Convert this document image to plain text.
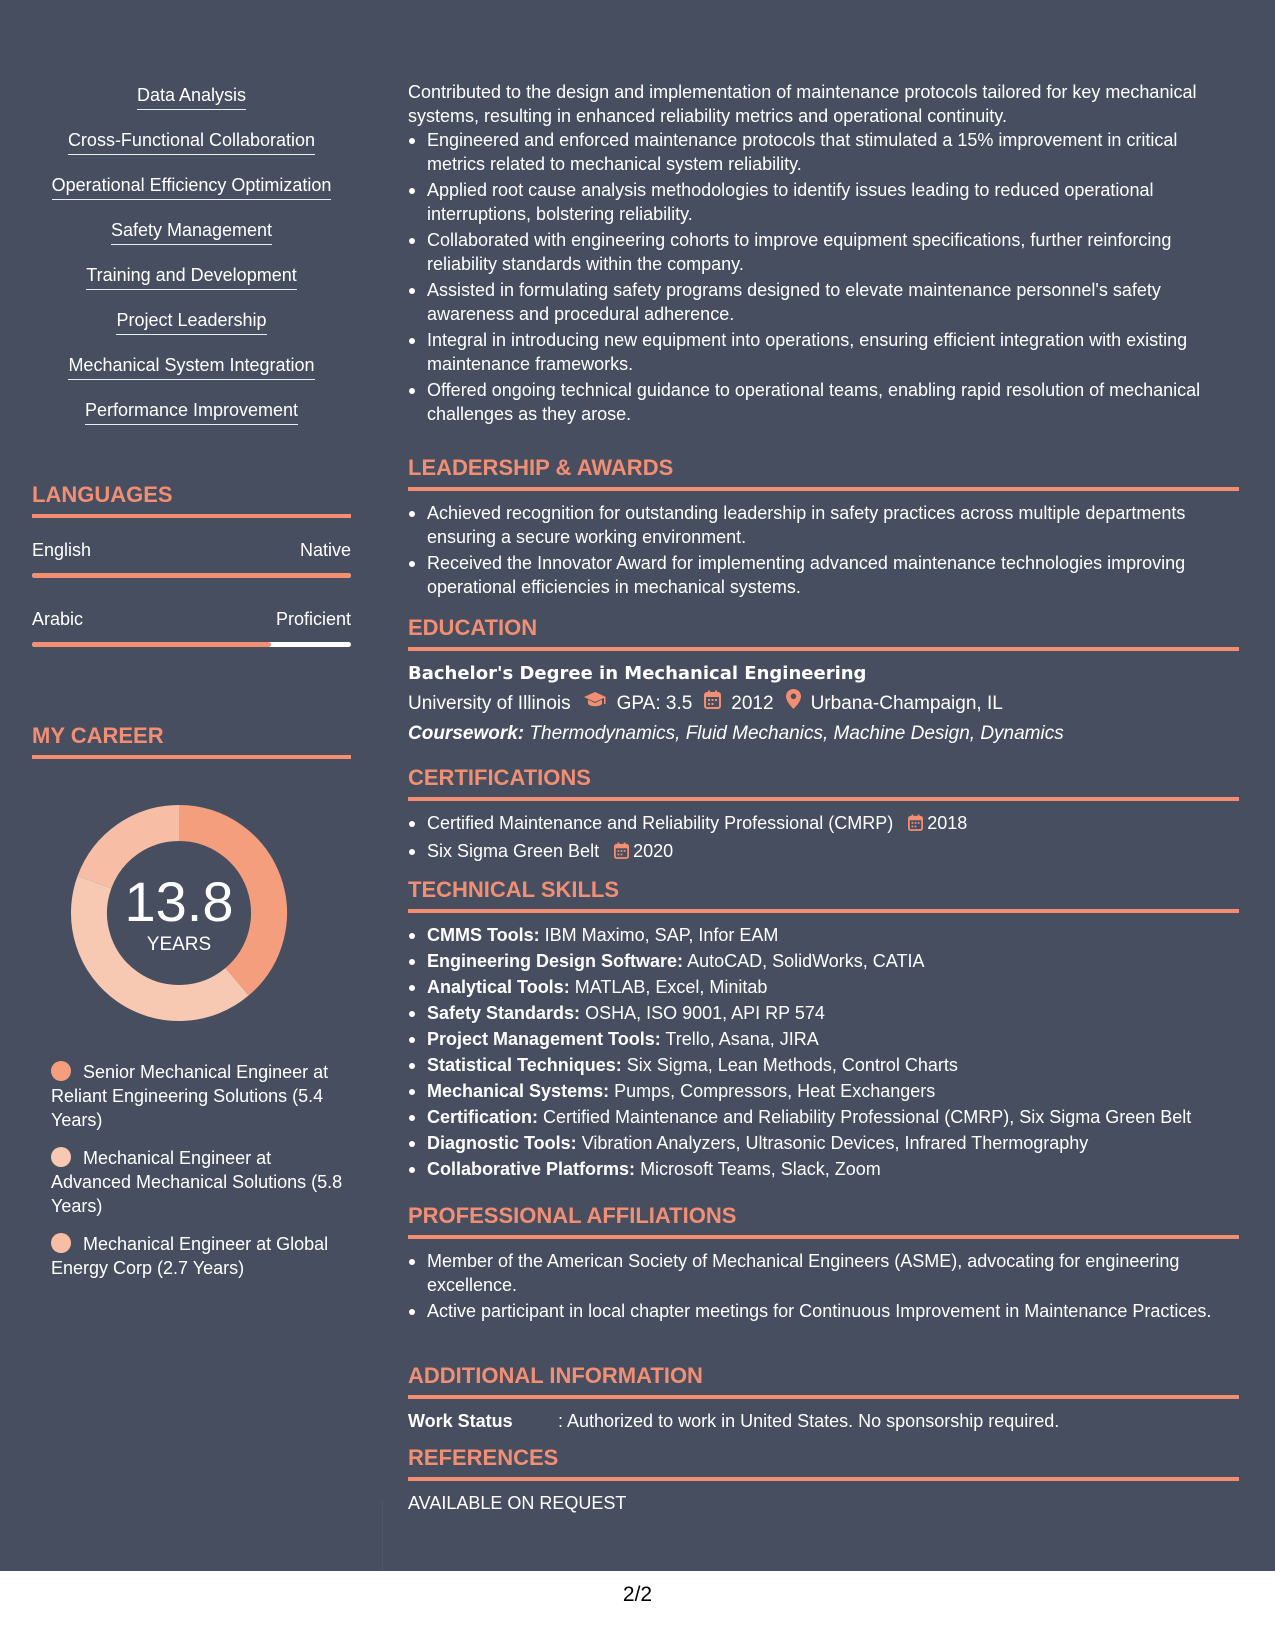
Data Analysis
Cross-Functional Collaboration
Operational Efficiency Optimization
Safety Management
Training and Development
Project Leadership
Mechanical System Integration
Performance Improvement
LANGUAGES
English	Native
Arabic	Proficient
MY CAREER
13.8
YEARS
Senior Mechanical Engineer at Reliant Engineering Solutions (5.4 Years)
Mechanical Engineer at Advanced Mechanical Solutions (5.8 Years)
Mechanical Engineer at Global Energy Corp (2.7 Years)

Contributed to the design and implementation of maintenance protocols tailored for key mechanical systems, resulting in enhanced reliability metrics and operational continuity.

Engineered and enforced maintenance protocols that stimulated a 15% improvement in critical metrics related to mechanical system reliability.
Applied root cause analysis methodologies to identify issues leading to reduced operational interruptions, bolstering reliability.
Collaborated with engineering cohorts to improve equipment specifications, further reinforcing reliability standards within the company.
Assisted in formulating safety programs designed to elevate maintenance personnel's safety awareness and procedural adherence.
Integral in introducing new equipment into operations, ensuring efficient integration with existing maintenance frameworks.
Offered ongoing technical guidance to operational teams, enabling rapid resolution of mechanical challenges as they arose.
LEADERSHIP & AWARDS
Achieved recognition for outstanding leadership in safety practices across multiple departments ensuring a secure working environment.
Received the Innovator Award for implementing advanced maintenance technologies improving operational efficiencies in mechanical systems.
EDUCATION
Bachelor's Degree in Mechanical Engineering
University of Illinois GPA: 3.5 2012 Urbana-Champaign, IL
Coursework: Thermodynamics, Fluid Mechanics, Machine Design, Dynamics
CERTIFICATIONS
Certified Maintenance and Reliability Professional (CMRP) 2018
Six Sigma Green Belt 2020
TECHNICAL SKILLS
CMMS Tools: IBM Maximo, SAP, Infor EAM
Engineering Design Software: AutoCAD, SolidWorks, CATIA
Analytical Tools: MATLAB, Excel, Minitab
Safety Standards: OSHA, ISO 9001, API RP 574
Project Management Tools: Trello, Asana, JIRA
Statistical Techniques: Six Sigma, Lean Methods, Control Charts
Mechanical Systems: Pumps, Compressors, Heat Exchangers
Certification: Certified Maintenance and Reliability Professional (CMRP), Six Sigma Green Belt
Diagnostic Tools: Vibration Analyzers, Ultrasonic Devices, Infrared Thermography
Collaborative Platforms: Microsoft Teams, Slack, Zoom
PROFESSIONAL AFFILIATIONS
Member of the American Society of Mechanical Engineers (ASME), advocating for engineering excellence.
Active participant in local chapter meetings for Continuous Improvement in Maintenance Practices.
ADDITIONAL INFORMATION
Work Status	: Authorized to work in United States. No sponsorship required.
REFERENCES
AVAILABLE ON REQUEST
2/2
